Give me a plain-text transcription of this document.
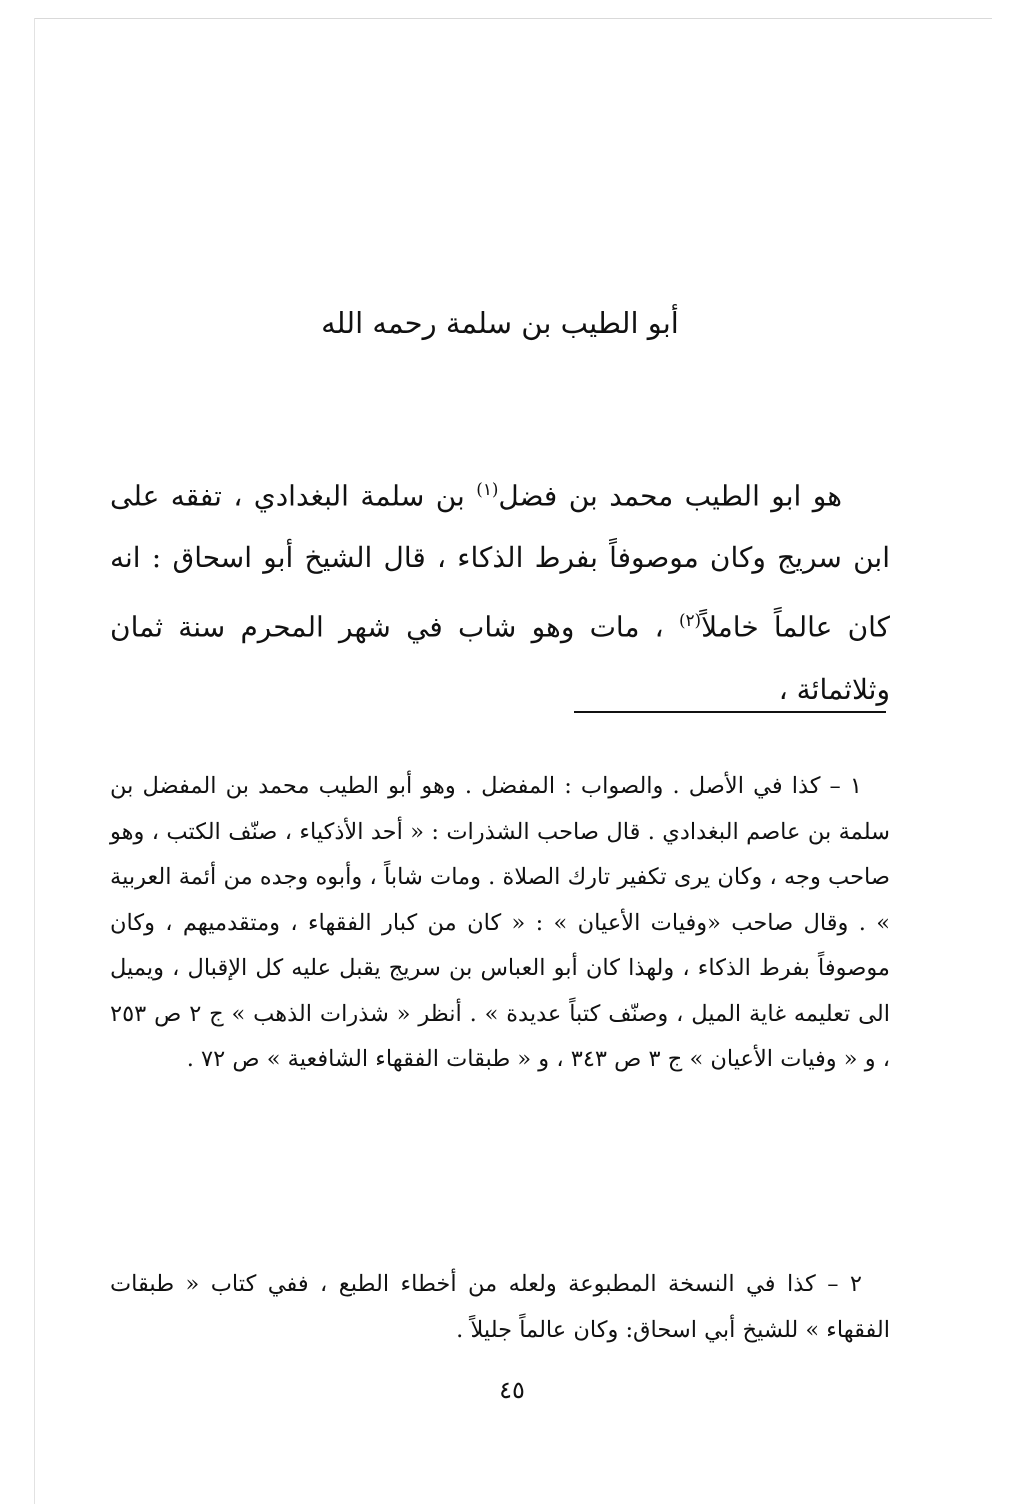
أبو الطيب بن سلمة رحمه الله

هو ابو الطيب محمد بن فضل$^{(١)}$ بن سلمة البغدادي ، تفقه على ابن سريج وكان موصوفاً بفرط الذكاء ، قال الشيخ أبو اسحاق : انه كان عالماً خاملاً$^{(٢)}$ ، مات وهو شاب في شهر المحرم سنة ثمان وثلاثمائة ،

١ – كذا في الأصل . والصواب : المفضل . وهو أبو الطيب محمد بن المفضل بن سلمة بن عاصم البغدادي . قال صاحب الشذرات : « أحد الأذكياء ، صنّف الكتب ، وهو صاحب وجه ، وكان يرى تكفير تارك الصلاة . ومات شاباً ، وأبوه وجده من أئمة العربية » . وقال صاحب «وفيات الأعيان » : « كان من كبار الفقهاء ، ومتقدميهم ، وكان موصوفاً بفرط الذكاء ، ولهذا كان أبو العباس بن سريج يقبل عليه كل الإقبال ، ويميل الى تعليمه غاية الميل ، وصنّف كتباً عديدة » . أنظر « شذرات الذهب » ج ٢ ص ٢٥٣ ، و « وفيات الأعيان » ج ٣ ص ٣٤٣ ، و « طبقات الفقهاء الشافعية » ص ٧٢ .

٢ – كذا في النسخة المطبوعة ولعله من أخطاء الطبع ، ففي كتاب « طبقات الفقهاء » للشيخ أبي اسحاق: وكان عالماً جليلاً .

٤٥
